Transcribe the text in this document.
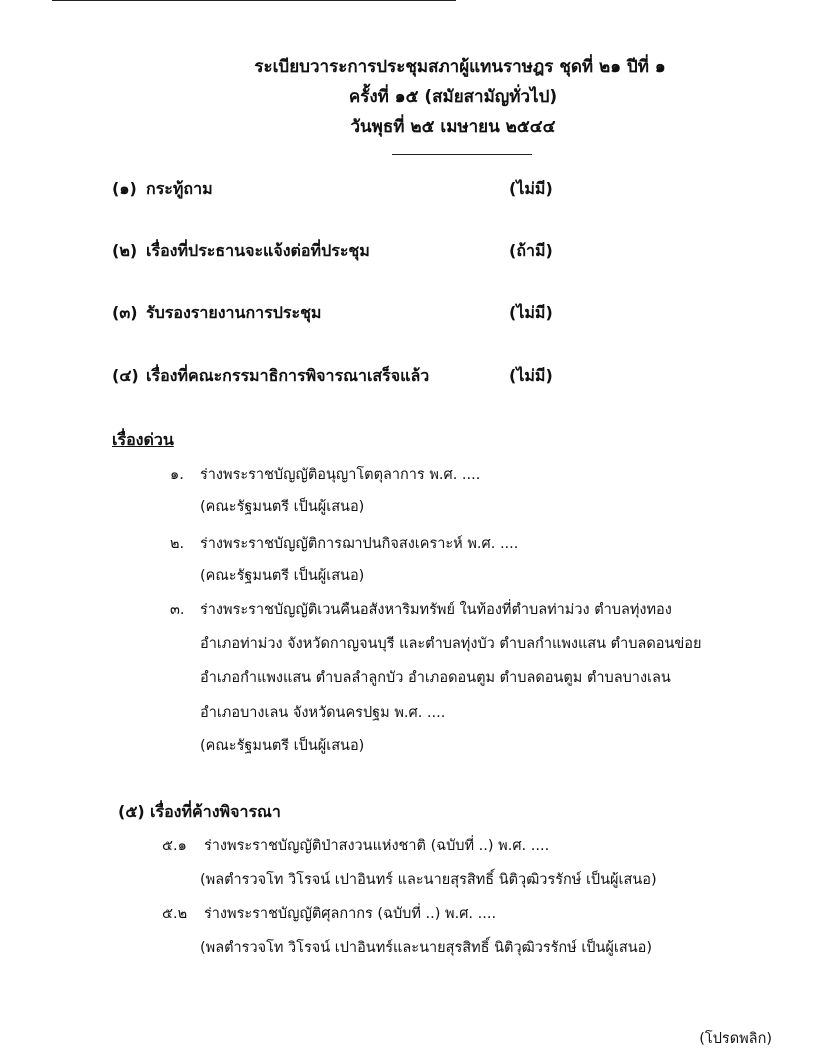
ระเบียบวาระการประชุมสภาผู้แทนราษฎร ชุดที่ ๒๑ ปีที่ ๑
ครั้งที่ ๑๕ (สมัยสามัญทั่วไป)
วันพุธที่ ๒๕ เมษายน ๒๕๔๔
(๑) กระทู้ถาม	(ไม่มี)
(๒) เรื่องที่ประธานจะแจ้งต่อที่ประชุม	(ถ้ามี)
(๓) รับรองรายงานการประชุม	(ไม่มี)
(๔) เรื่องที่คณะกรรมาธิการพิจารณาเสร็จแล้ว	(ไม่มี)
เรื่องด่วน
๑. ร่างพระราชบัญญัติอนุญาโตตุลาการ พ.ศ. ....
(คณะรัฐมนตรี เป็นผู้เสนอ)
๒. ร่างพระราชบัญญัติการฌาปนกิจสงเคราะห์ พ.ศ. ....
(คณะรัฐมนตรี เป็นผู้เสนอ)
๓. ร่างพระราชบัญญัติเวนคืนอสังหาริมทรัพย์ ในท้องที่ตำบลท่าม่วง ตำบลทุ่งทอง
อำเภอท่าม่วง จังหวัดกาญจนบุรี และตำบลทุ่งบัว ตำบลกำแพงแสน ตำบลดอนข่อย
อำเภอกำแพงแสน ตำบลลำลูกบัว อำเภอดอนตูม ตำบลดอนตูม ตำบลบางเลน
อำเภอบางเลน จังหวัดนครปฐม พ.ศ. ....
(คณะรัฐมนตรี เป็นผู้เสนอ)
(๕) เรื่องที่ค้างพิจารณา
๕.๑ ร่างพระราชบัญญัติป่าสงวนแห่งชาติ (ฉบับที่ ..) พ.ศ. ....
(พลตำรวจโท วิโรจน์ เปาอินทร์ และนายสุรสิทธิ์ นิติวุฒิวรรักษ์ เป็นผู้เสนอ)
๕.๒ ร่างพระราชบัญญัติศุลกากร (ฉบับที่ ..) พ.ศ. ....
(พลตำรวจโท วิโรจน์ เปาอินทร์และนายสุรสิทธิ์ นิติวุฒิวรรักษ์ เป็นผู้เสนอ)
(โปรดพลิก)
